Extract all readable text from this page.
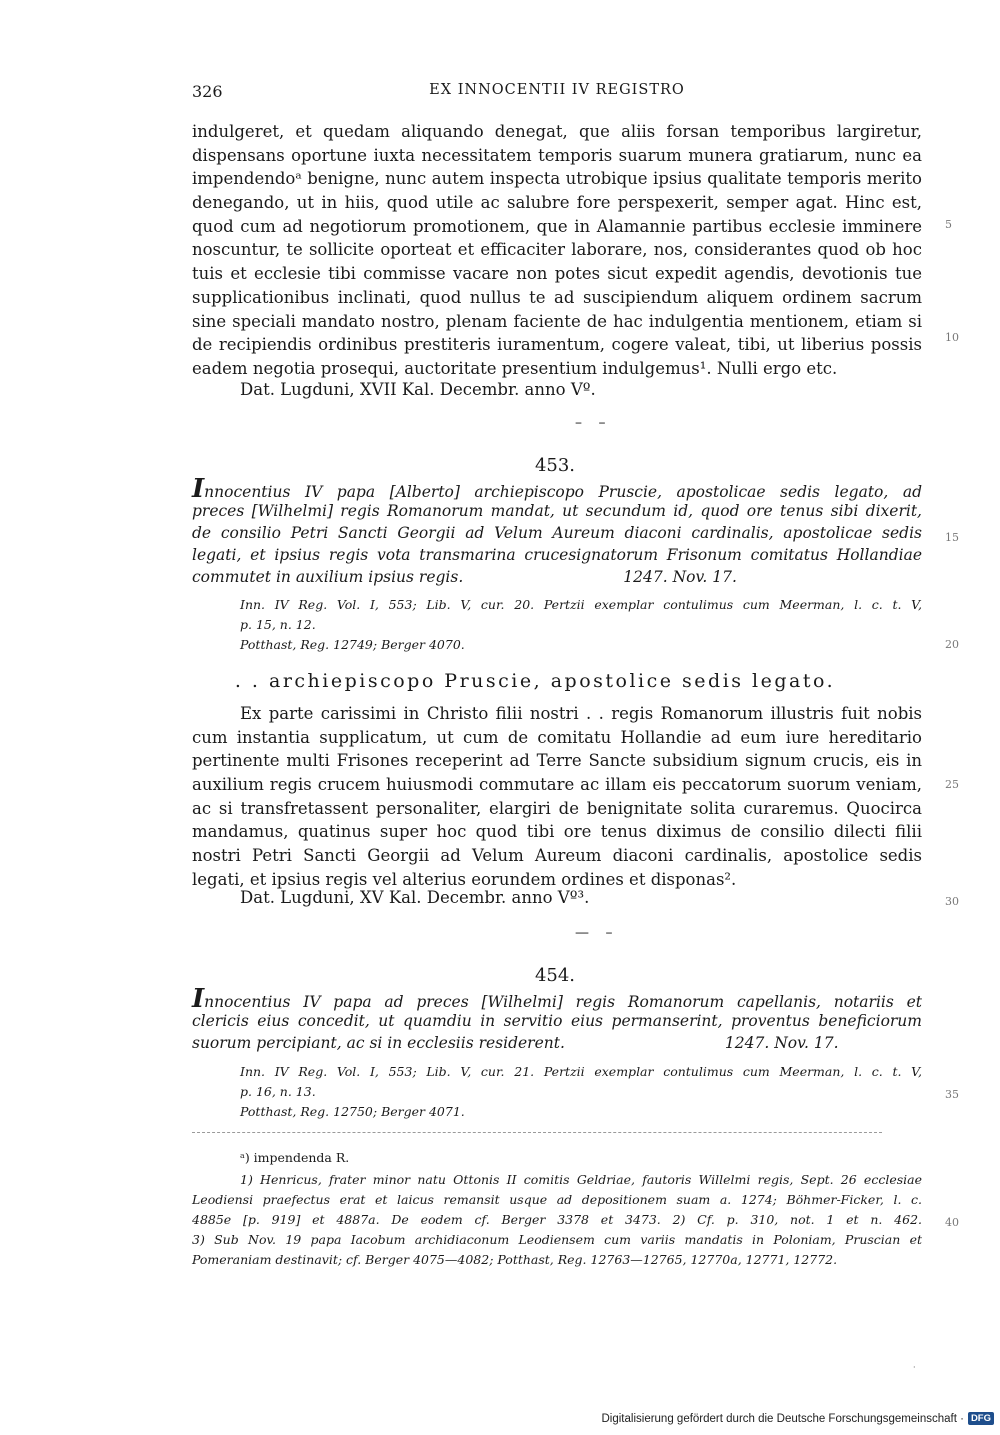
326	EX INNOCENTII IV REGISTRO
indulgeret, et quedam aliquando denegat, que aliis forsan temporibus largiretur,
dispensans oportune iuxta necessitatem temporis suarum munera gratiarum, nunc ea
impendendoᵃ benigne, nunc autem inspecta utrobique ipsius qualitate temporis merito
denegando, ut in hiis, quod utile ac salubre fore perspexerit, semper agat. Hinc est,
quod cum ad negotiorum promotionem, que in Alamannie partibus ecclesie imminere
noscuntur, te sollicite oporteat et efficaciter laborare, nos, considerantes quod ob hoc
tuis et ecclesie tibi commisse vacare non potes sicut expedit agendis, devotionis tue
supplicationibus inclinati, quod nullus te ad suscipiendum aliquem ordinem sacrum
sine speciali mandato nostro, plenam faciente de hac indulgentia mentionem, etiam si
de recipiendis ordinibus prestiteris iuramentum, cogere valeat, tibi, ut liberius possis
eadem negotia prosequi, auctoritate presentium indulgemus¹. Nulli ergo etc.
Dat. Lugduni, XVII Kal. Decembr. anno Vº.
– –
453.
Innocentius IV papa [Alberto] archiepiscopo Pruscie, apostolicae sedis legato, ad
preces [Wilhelmi] regis Romanorum mandat, ut secundum id, quod ore tenus sibi dixerit,
de consilio Petri Sancti Georgii ad Velum Aureum diaconi cardinalis, apostolicae sedis
legati, et ipsius regis vota transmarina crucesignatorum Frisonum comitatus Hollandiae
commutet in auxilium ipsius regis.	1247. Nov. 17.
Inn. IV Reg. Vol. I, 553; Lib. V, cur. 20. Pertzii exemplar contulimus cum Meerman, l. c. t. V,
p. 15, n. 12.
Potthast, Reg. 12749; Berger 4070.
. . archiepiscopo Pruscie, apostolice sedis legato.
Ex parte carissimi in Christo filii nostri . . regis Romanorum illustris fuit nobis
cum instantia supplicatum, ut cum de comitatu Hollandie ad eum iure hereditario
pertinente multi Frisones receperint ad Terre Sancte subsidium signum crucis, eis in
auxilium regis crucem huiusmodi commutare ac illam eis peccatorum suorum veniam,
ac si transfretassent personaliter, elargiri de benignitate solita curaremus. Quocirca
mandamus, quatinus super hoc quod tibi ore tenus diximus de consilio dilecti filii
nostri Petri Sancti Georgii ad Velum Aureum diaconi cardinalis, apostolice sedis
legati, et ipsius regis vel alterius eorundem ordines et disponas².
Dat. Lugduni, XV Kal. Decembr. anno Vº³.
— –
454.
Innocentius IV papa ad preces [Wilhelmi] regis Romanorum capellanis, notariis et
clericis eius concedit, ut quamdiu in servitio eius permanserint, proventus beneficiorum
suorum percipiant, ac si in ecclesiis residerent.	1247. Nov. 17.
Inn. IV Reg. Vol. I, 553; Lib. V, cur. 21. Pertzii exemplar contulimus cum Meerman, l. c. t. V,
p. 16, n. 13.
Potthast, Reg. 12750; Berger 4071.
ᵃ) impendenda R.
1) Henricus, frater minor natu Ottonis II comitis Geldriae, fautoris Willelmi regis, Sept. 26 ecclesiae
Leodiensi praefectus erat et laicus remansit usque ad depositionem suam a. 1274; Böhmer-Ficker, l. c.
4885e [p. 919] et 4887a. De eodem cf. Berger 3378 et 3473. 2) Cf. p. 310, not. 1 et n. 462.
3) Sub Nov. 19 papa Iacobum archidiaconum Leodiensem cum variis mandatis in Poloniam, Pruscian et
Pomeraniam destinavit; cf. Berger 4075—4082; Potthast, Reg. 12763—12765, 12770a, 12771, 12772.
5
10
15
20
25
30
35
40
·
Digitalisierung gefördert durch die Deutsche Forschungsgemeinschaft · DFG
